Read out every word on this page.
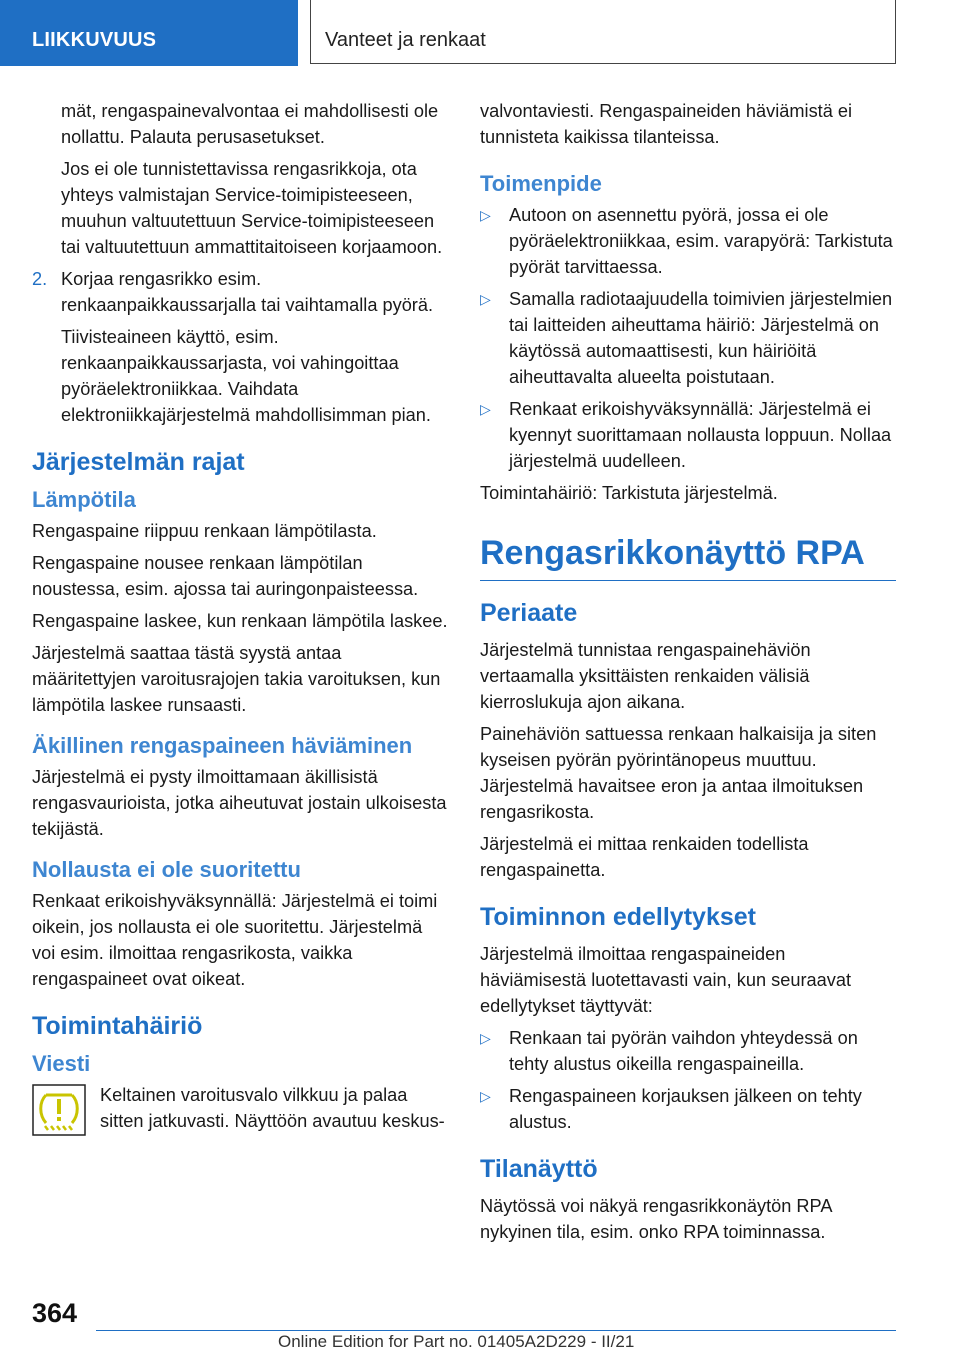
LIIKKUVUUS	Vanteet ja renkaat

mät, rengaspainevalvontaa ei mahdollisesti ole nollattu. Palauta perusasetukset.

Jos ei ole tunnistettavissa rengasrikkoja, ota yhteys valmistajan Service-toimipisteeseen, muuhun valtuutettuun Service-toimipisteeseen tai valtuutettuun ammattitaitoiseen korjaamoon.

2. Korjaa rengasrikko esim. renkaanpaikkaussarjalla tai vaihtamalla pyörä.

Tiivisteaineen käyttö, esim. renkaanpaikkaussarjasta, voi vahingoittaa pyöräelektroniikkaa. Vaihdata elektroniikkajärjestelmä mahdollisimman pian.

Järjestelmän rajat
Lämpötila

Rengaspaine riippuu renkaan lämpötilasta.

Rengaspaine nousee renkaan lämpötilan noustessa, esim. ajossa tai auringonpaisteessa.

Rengaspaine laskee, kun renkaan lämpötila laskee.

Järjestelmä saattaa tästä syystä antaa määritettyjen varoitusrajojen takia varoituksen, kun lämpötila laskee runsaasti.

Äkillinen rengaspaineen häviäminen

Järjestelmä ei pysty ilmoittamaan äkillisistä rengasvaurioista, jotka aiheutuvat jostain ulkoisesta tekijästä.

Nollausta ei ole suoritettu

Renkaat erikoishyväksynnällä: Järjestelmä ei toimi oikein, jos nollausta ei ole suoritettu. Järjestelmä voi esim. ilmoittaa rengasrikosta, vaikka rengaspaineet ovat oikeat.

Toimintahäiriö
Viesti

Keltainen varoitusvalo vilkkuu ja palaa sitten jatkuvasti. Näyttöön avautuu keskus-

valvontaviesti. Rengaspaineiden häviämistä ei tunnisteta kaikissa tilanteissa.

Toimenpide
▷ Autoon on asennettu pyörä, jossa ei ole pyöräelektroniikkaa, esim. varapyörä: Tarkistuta pyörät tarvittaessa.
▷ Samalla radiotaajuudella toimivien järjestelmien tai laitteiden aiheuttama häiriö: Järjestelmä on käytössä automaattisesti, kun häiriöitä aiheuttavalta alueelta poistutaan.
▷ Renkaat erikoishyväksynnällä: Järjestelmä ei kyennyt suorittamaan nollausta loppuun. Nollaa järjestelmä uudelleen.

Toimintahäiriö: Tarkistuta järjestelmä.

Rengasrikkonäyttö RPA
Periaate

Järjestelmä tunnistaa rengaspainehäviön vertaamalla yksittäisten renkaiden välisiä kierroslukuja ajon aikana.

Painehäviön sattuessa renkaan halkaisija ja siten kyseisen pyörän pyörintänopeus muuttuu. Järjestelmä havaitsee eron ja antaa ilmoituksen rengasrikosta.

Järjestelmä ei mittaa renkaiden todellista rengaspainetta.

Toiminnon edellytykset

Järjestelmä ilmoittaa rengaspaineiden häviämisestä luotettavasti vain, kun seuraavat edellytykset täyttyvät:

▷ Renkaan tai pyörän vaihdon yhteydessä on tehty alustus oikeilla rengaspaineilla.
▷ Rengaspaineen korjauksen jälkeen on tehty alustus.
Tilanäyttö

Näytössä voi näkyä rengasrikkonäytön RPA nykyinen tila, esim. onko RPA toiminnassa.

364
Online Edition for Part no. 01405A2D229 - II/21
